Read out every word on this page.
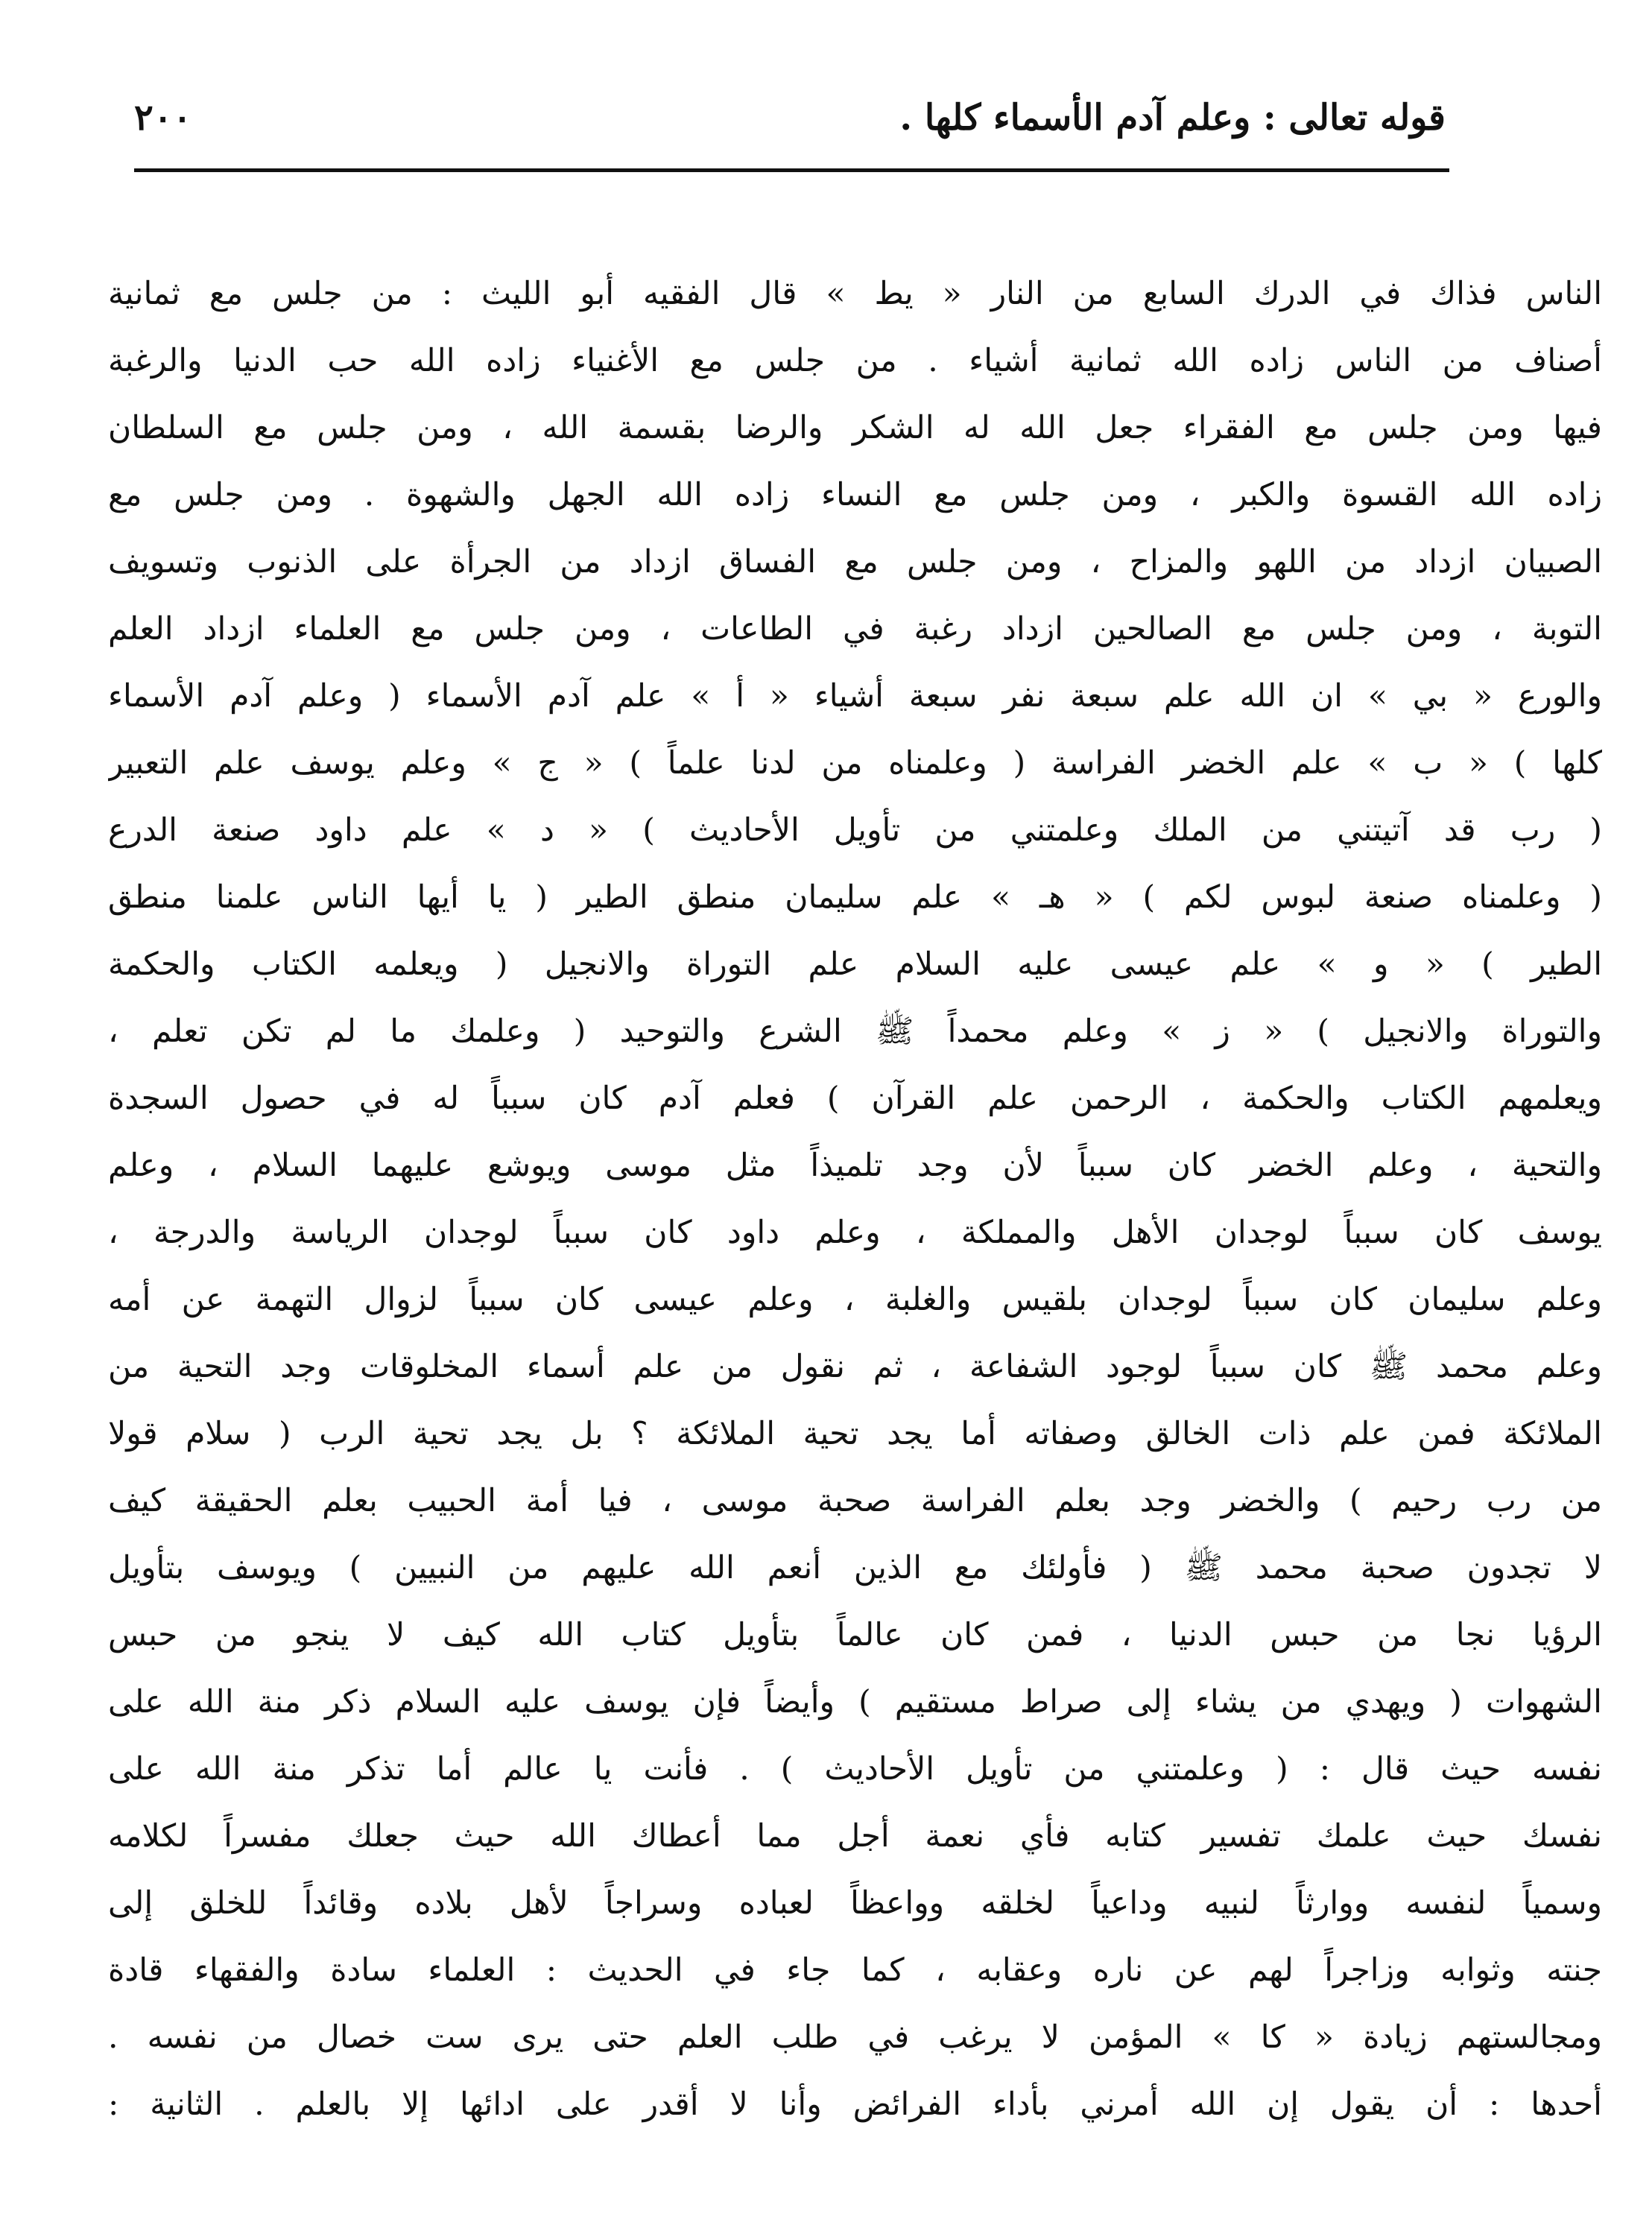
قوله تعالى : وعلم آدم الأسماء كلها .
٢٠٠
الناس فذاك في الدرك السابع من النار « يط » قال الفقيه أبو الليث : من جلس مع ثمانية
أصناف من الناس زاده الله ثمانية أشياء . من جلس مع الأغنياء زاده الله حب الدنيا والرغبة
فيها ومن جلس مع الفقراء جعل الله له الشكر والرضا بقسمة الله ، ومن جلس مع السلطان
زاده الله القسوة والكبر ، ومن جلس مع النساء زاده الله الجهل والشهوة . ومن جلس مع
الصبيان ازداد من اللهو والمزاح ، ومن جلس مع الفساق ازداد من الجرأة على الذنوب وتسويف
التوبة ، ومن جلس مع الصالحين ازداد رغبة في الطاعات ، ومن جلس مع العلماء ازداد العلم
والورع « بي » ان الله علم سبعة نفر سبعة أشياء « أ » علم آدم الأسماء ( وعلم آدم الأسماء
كلها ) « ب » علم الخضر الفراسة ( وعلمناه من لدنا علماً ) « ج » وعلم يوسف علم التعبير
( رب قد آتيتني من الملك وعلمتني من تأويل الأحاديث ) « د » علم داود صنعة الدرع
( وعلمناه صنعة لبوس لكم ) « هـ » علم سليمان منطق الطير ( يا أيها الناس علمنا منطق
الطير ) « و » علم عيسى عليه السلام علم التوراة والانجيل ( ويعلمه الكتاب والحكمة
والتوراة والانجيل ) « ز » وعلم محمداً ﷺ الشرع والتوحيد ( وعلمك ما لم تكن تعلم ،
ويعلمهم الكتاب والحكمة ، الرحمن علم القرآن ) فعلم آدم كان سبباً له في حصول السجدة
والتحية ، وعلم الخضر كان سبباً لأن وجد تلميذاً مثل موسى ويوشع عليهما السلام ، وعلم
يوسف كان سبباً لوجدان الأهل والمملكة ، وعلم داود كان سبباً لوجدان الرياسة والدرجة ،
وعلم سليمان كان سبباً لوجدان بلقيس والغلبة ، وعلم عيسى كان سبباً لزوال التهمة عن أمه
وعلم محمد ﷺ كان سبباً لوجود الشفاعة ، ثم نقول من علم أسماء المخلوقات وجد التحية من
الملائكة فمن علم ذات الخالق وصفاته أما يجد تحية الملائكة ؟ بل يجد تحية الرب ( سلام قولا
من رب رحيم ) والخضر وجد بعلم الفراسة صحبة موسى ، فيا أمة الحبيب بعلم الحقيقة كيف
لا تجدون صحبة محمد ﷺ ( فأولئك مع الذين أنعم الله عليهم من النبيين ) ويوسف بتأويل
الرؤيا نجا من حبس الدنيا ، فمن كان عالماً بتأويل كتاب الله كيف لا ينجو من حبس
الشهوات ( ويهدي من يشاء إلى صراط مستقيم ) وأيضاً فإن يوسف عليه السلام ذكر منة الله على
نفسه حيث قال : ( وعلمتني من تأويل الأحاديث ) . فأنت يا عالم أما تذكر منة الله على
نفسك حيث علمك تفسير كتابه فأي نعمة أجل مما أعطاك الله حيث جعلك مفسراً لكلامه
وسمياً لنفسه ووارثاً لنبيه وداعياً لخلقه وواعظاً لعباده وسراجاً لأهل بلاده وقائداً للخلق إلى
جنته وثوابه وزاجراً لهم عن ناره وعقابه ، كما جاء في الحديث : العلماء سادة والفقهاء قادة
ومجالستهم زيادة « كا » المؤمن لا يرغب في طلب العلم حتى يرى ست خصال من نفسه .
أحدها : أن يقول إن الله أمرني بأداء الفرائض وأنا لا أقدر على ادائها إلا بالعلم . الثانية :
